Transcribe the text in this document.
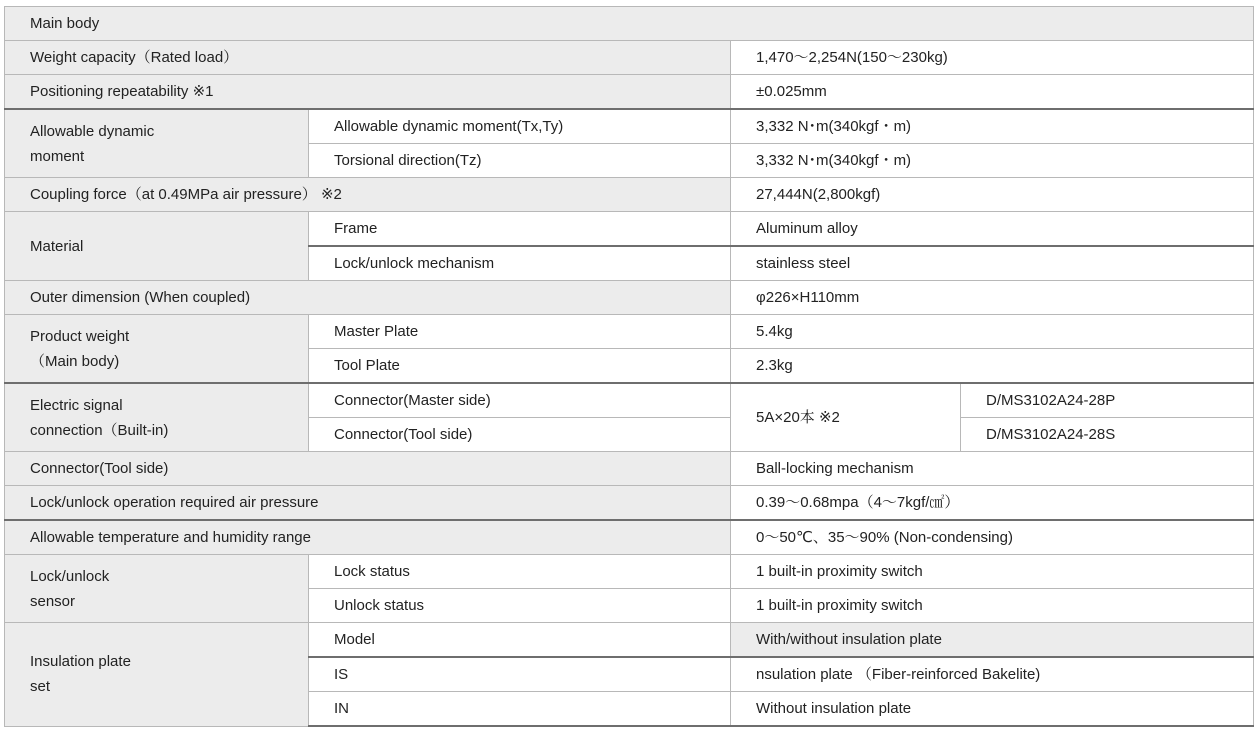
Main body			
Weight capacity（Rated load）		1,470～2,254N(150～230kg)	
Positioning repeatability ※1		±0.025mm	

Allowable dynamic
moment	Allowable dynamic moment(Tx,Ty)	3,332 N･m(340kgf・m)	
	Torsional direction(Tz)	3,332 N･m(340kgf・m)	
Coupling force（at 0.49MPa air pressure） ※2		27,444N(2,800kgf)	
Material	Frame	Aluminum alloy	
	Lock/unlock mechanism	stainless steel	
Outer dimension (When coupled)		φ226×H110mm	

Product weight
（Main body)	Master Plate	5.4kg	
	Tool Plate	2.3kg	

Electric signal
connection（Built-in)	Connector(Master side)	5A×20本 ※2	D/MS3102A24-28P
	Connector(Tool side)		D/MS3102A24-28S
Connector(Tool side)		Ball-locking mechanism	
Lock/unlock operation required air pressure		0.39～0.68mpa（4～7kgf/㎠）	
Allowable temperature and humidity range		0～50℃、35～90% (Non-condensing)	

Lock/unlock
sensor	Lock status	1 built-in proximity switch	
	Unlock status	1 built-in proximity switch	

Insulation plate
set	Model	With/without insulation plate	
	IS	nsulation plate （Fiber-reinforced Bakelite)	
	IN	Without insulation plate	
